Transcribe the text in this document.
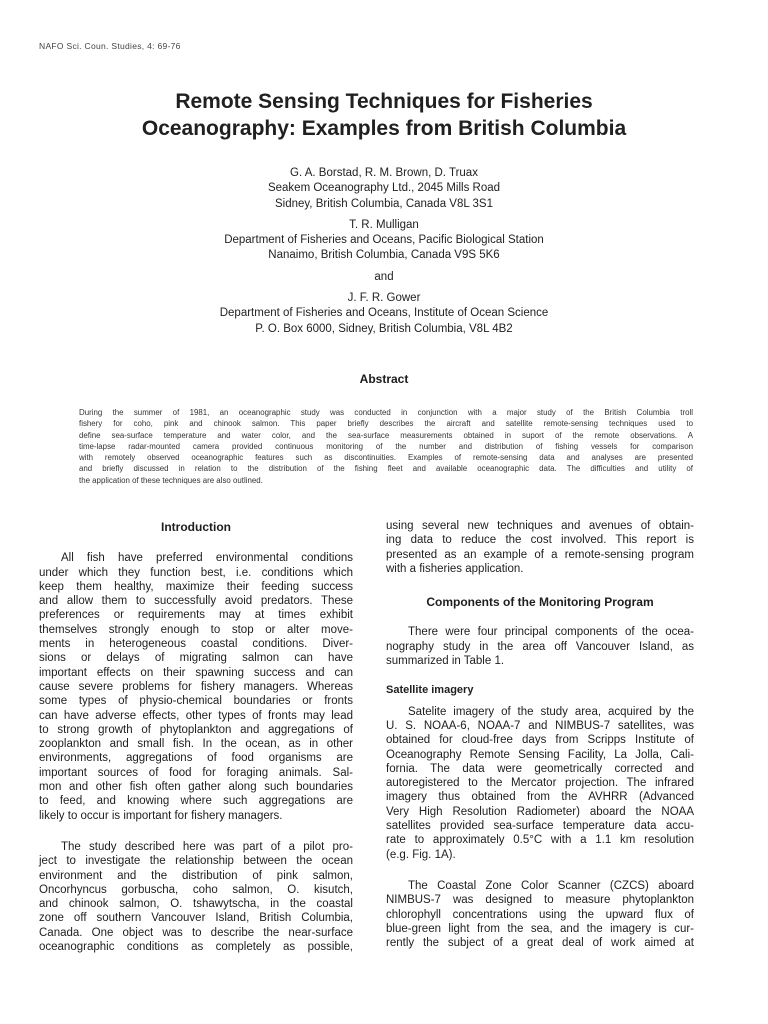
NAFO Sci. Coun. Studies, 4: 69-76
Remote Sensing Techniques for Fisheries
Oceanography: Examples from British Columbia
G. A. Borstad, R. M. Brown, D. Truax
Seakem Oceanography Ltd., 2045 Mills Road
Sidney, British Columbia, Canada V8L 3S1
T. R. Mulligan
Department of Fisheries and Oceans, Pacific Biological Station
Nanaimo, British Columbia, Canada V9S 5K6
and
J. F. R. Gower
Department of Fisheries and Oceans, Institute of Ocean Science
P. O. Box 6000, Sidney, British Columbia, V8L 4B2
Abstract
During the summer of 1981, an oceanographic study was conducted in conjunction with a major study of the British Columbia troll
fishery for coho, pink and chinook salmon. This paper briefly describes the aircraft and satellite remote-sensing techniques used to
define sea-surface temperature and water color, and the sea-surface measurements obtained in suport of the remote observations. A
time-lapse radar-mounted camera provided continuous monitoring of the number and distribution of fishing vessels for comparison
with remotely observed oceanographic features such as discontinuities. Examples of remote-sensing data and analyses are presented
and briefly discussed in relation to the distribution of the fishing fleet and available oceanographic data. The difficulties and utility of
the application of these techniques are also outlined.
Introduction

All fish have preferred environmental conditions
under which they function best, i.e. conditions which
keep them healthy, maximize their feeding success
and allow them to successfully avoid predators. These
preferences or requirements may at times exhibit
themselves strongly enough to stop or alter move-
ments in heterogeneous coastal conditions. Diver-
sions or delays of migrating salmon can have
important effects on their spawning success and can
cause severe problems for fishery managers. Whereas
some types of physio-chemical boundaries or fronts
can have adverse effects, other types of fronts may lead
to strong growth of phytoplankton and aggregations of
zooplankton and small fish. In the ocean, as in other
environments, aggregations of food organisms are
important sources of food for foraging animals. Sal-
mon and other fish often gather along such boundaries
to feed, and knowing where such aggregations are
likely to occur is important for fishery managers.

The study described here was part of a pilot pro-
ject to investigate the relationship between the ocean
environment and the distribution of pink salmon,
Oncorhyncus gorbuscha, coho salmon, O. kisutch,
and chinook salmon, O. tshawytscha, in the coastal
zone off southern Vancouver Island, British Columbia,
Canada. One object was to describe the near-surface
oceanographic conditions as completely as possible,

using several new techniques and avenues of obtain-
ing data to reduce the cost involved. This report is
presented as an example of a remote-sensing program
with a fisheries application.

Components of the Monitoring Program

There were four principal components of the ocea-
nography study in the area off Vancouver Island, as
summarized in Table 1.

Satellite imagery

Satelite imagery of the study area, acquired by the
U. S. NOAA-6, NOAA-7 and NIMBUS-7 satellites, was
obtained for cloud-free days from Scripps Institute of
Oceanography Remote Sensing Facility, La Jolla, Cali-
fornia. The data were geometrically corrected and
autoregistered to the Mercator projection. The infrared
imagery thus obtained from the AVHRR (Advanced
Very High Resolution Radiometer) aboard the NOAA
satellites provided sea-surface temperature data accu-
rate to approximately 0.5°C with a 1.1 km resolution
(e.g. Fig. 1A).

The Coastal Zone Color Scanner (CZCS) aboard
NIMBUS-7 was designed to measure phytoplankton
chlorophyll concentrations using the upward flux of
blue-green light from the sea, and the imagery is cur-
rently the subject of a great deal of work aimed at
